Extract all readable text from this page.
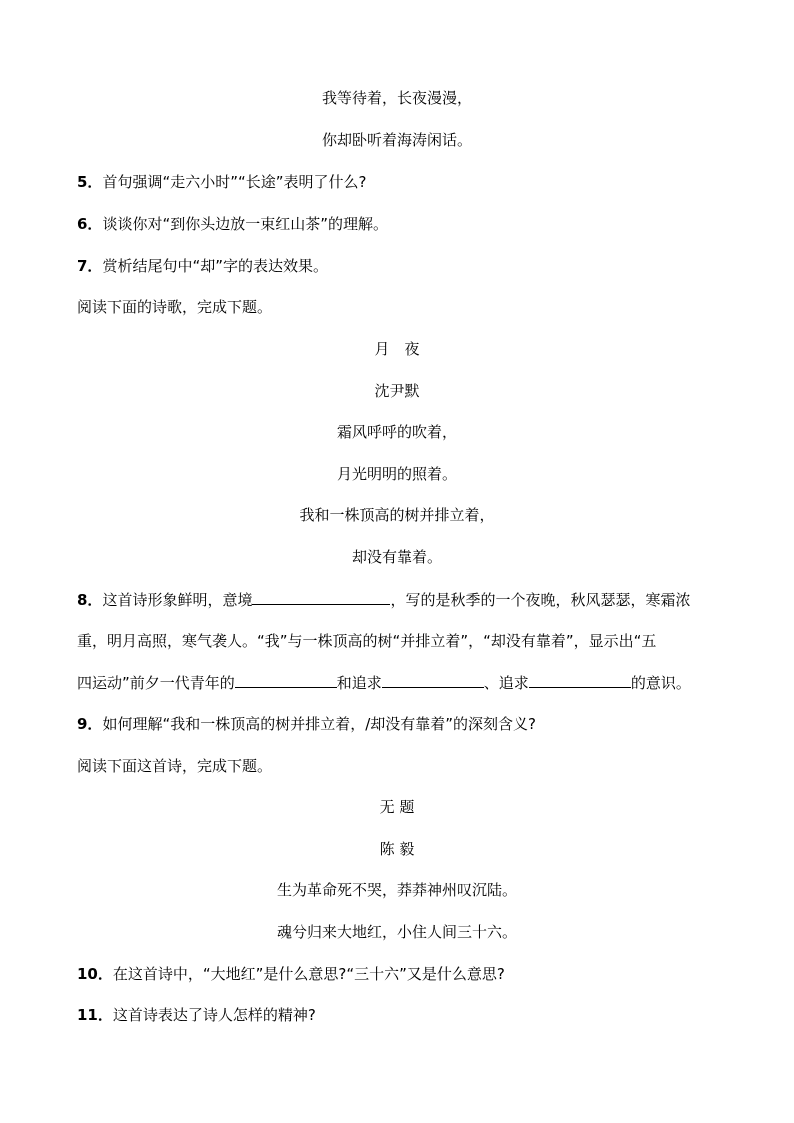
我等待着，长夜漫漫，
你却卧听着海涛闲话。
5．首句强调“走六小时”“长途”表明了什么?
6．谈谈你对“到你头边放一束红山茶”的理解。
7．赏析结尾句中“却”字的表达效果。
阅读下面的诗歌，完成下题。
月　夜
沈尹默
霜风呼呼的吹着，
月光明明的照着。
我和一株顶高的树并排立着，
却没有靠着。
8．这首诗形象鲜明，意境	，写的是秋季的一个夜晚，秋风瑟瑟，寒霜浓
重，明月高照，寒气袭人。“我”与一株顶高的树“并排立着”，“却没有靠着”，显示出“五
四运动”前夕一代青年的	和追求	、追求	的意识。
9．如何理解“我和一株顶高的树并排立着，/却没有靠着”的深刻含义?
阅读下面这首诗，完成下题。
无 题
陈 毅
生为革命死不哭，莽莽神州叹沉陆。
魂兮归来大地红，小住人间三十六。
10．在这首诗中，“大地红”是什么意思?“三十六”又是什么意思?
11．这首诗表达了诗人怎样的精神?
